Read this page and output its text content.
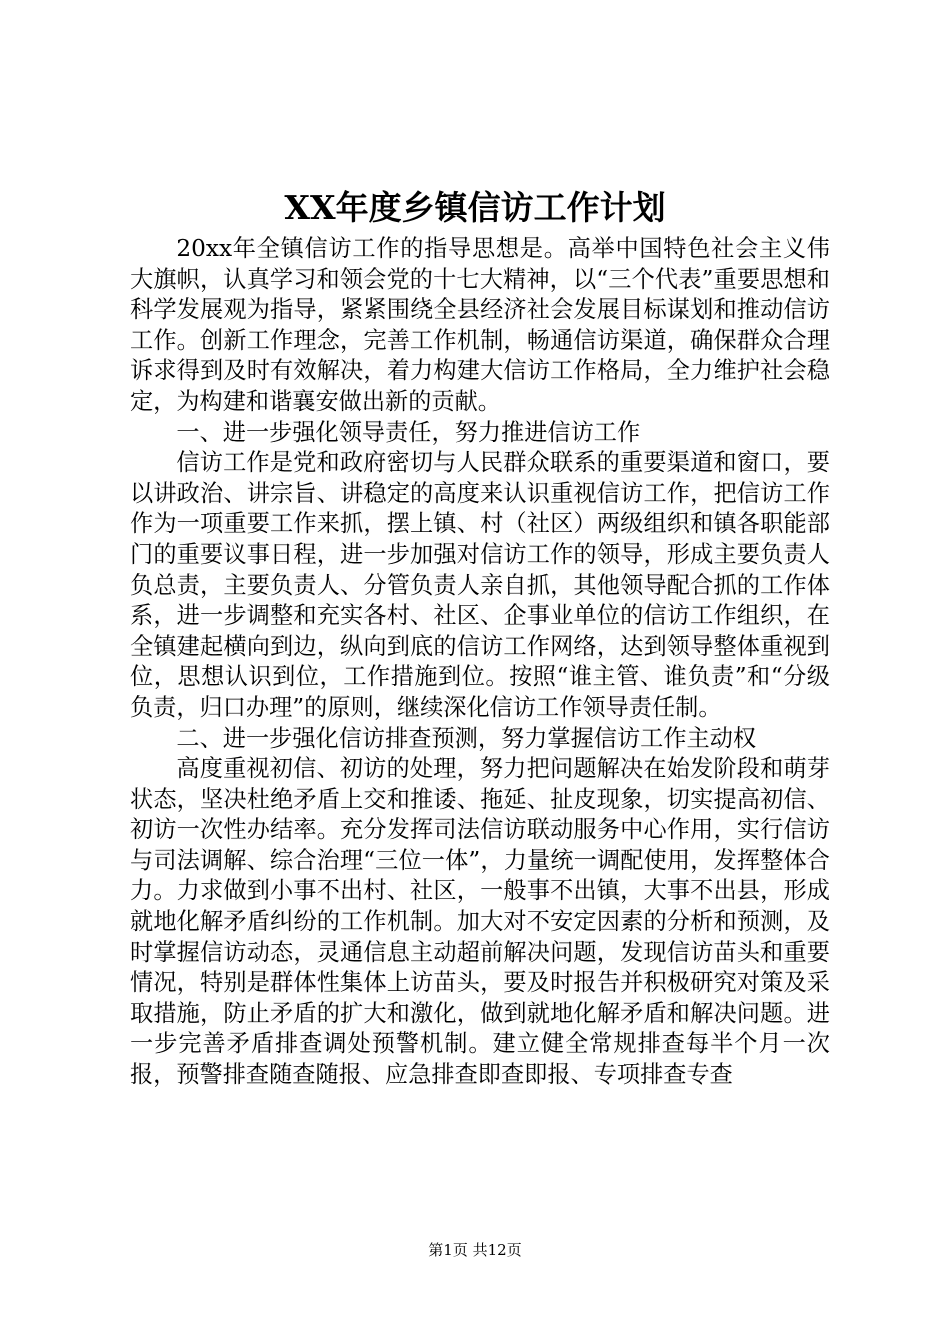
XX年度乡镇信访工作计划

20xx年全镇信访工作的指导思想是。高举中国特色社会主义伟大旗帜，认真学习和领会党的十七大精神，以“三个代表”重要思想和科学发展观为指导，紧紧围绕全县经济社会发展目标谋划和推动信访工作。创新工作理念，完善工作机制，畅通信访渠道，确保群众合理诉求得到及时有效解决，着力构建大信访工作格局，全力维护社会稳定，为构建和谐襄安做出新的贡献。

一、进一步强化领导责任，努力推进信访工作

信访工作是党和政府密切与人民群众联系的重要渠道和窗口，要以讲政治、讲宗旨、讲稳定的高度来认识重视信访工作，把信访工作作为一项重要工作来抓，摆上镇、村（社区）两级组织和镇各职能部门的重要议事日程，进一步加强对信访工作的领导，形成主要负责人负总责，主要负责人、分管负责人亲自抓，其他领导配合抓的工作体系，进一步调整和充实各村、社区、企事业单位的信访工作组织，在全镇建起横向到边，纵向到底的信访工作网络，达到领导整体重视到位，思想认识到位，工作措施到位。按照“谁主管、谁负责”和“分级负责，归口办理”的原则，继续深化信访工作领导责任制。

二、进一步强化信访排查预测，努力掌握信访工作主动权

高度重视初信、初访的处理，努力把问题解决在始发阶段和萌芽状态，坚决杜绝矛盾上交和推诿、拖延、扯皮现象，切实提高初信、初访一次性办结率。充分发挥司法信访联动服务中心作用，实行信访与司法调解、综合治理“三位一体”，力量统一调配使用，发挥整体合力。力求做到小事不出村、社区，一般事不出镇，大事不出县，形成就地化解矛盾纠纷的工作机制。加大对不安定因素的分析和预测，及时掌握信访动态，灵通信息主动超前解决问题，发现信访苗头和重要情况，特别是群体性集体上访苗头，要及时报告并积极研究对策及采取措施，防止矛盾的扩大和激化，做到就地化解矛盾和解决问题。进一步完善矛盾排查调处预警机制。建立健全常规排查每半个月一次报，预警排查随查随报、应急排查即查即报、专项排查专查

第1页 共12页
